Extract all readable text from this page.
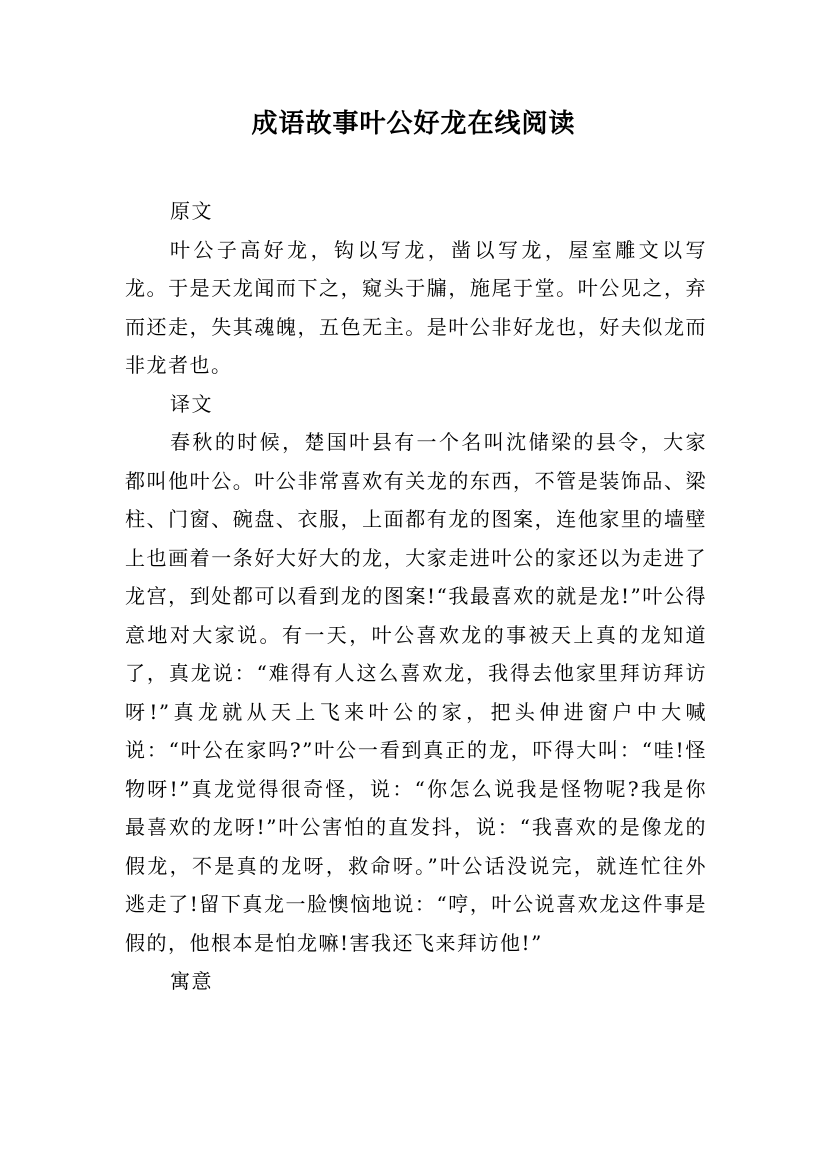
成语故事叶公好龙在线阅读
原文
叶公子高好龙，钩以写龙，凿以写龙，屋室雕文以写龙。于是天龙闻而下之，窥头于牖，施尾于堂。叶公见之，弃而还走，失其魂魄，五色无主。是叶公非好龙也，好夫似龙而非龙者也。
译文
春秋的时候，楚国叶县有一个名叫沈储梁的县令，大家都叫他叶公。叶公非常喜欢有关龙的东西，不管是装饰品、梁柱、门窗、碗盘、衣服，上面都有龙的图案，连他家里的墙壁上也画着一条好大好大的龙，大家走进叶公的家还以为走进了龙宫，到处都可以看到龙的图案!“我最喜欢的就是龙!”叶公得意地对大家说。有一天，叶公喜欢龙的事被天上真的龙知道了，真龙说：“难得有人这么喜欢龙，我得去他家里拜访拜访呀!”真龙就从天上飞来叶公的家，把头伸进窗户中大喊说：“叶公在家吗?”叶公一看到真正的龙，吓得大叫：“哇!怪物呀!”真龙觉得很奇怪，说：“你怎么说我是怪物呢?我是你最喜欢的龙呀!”叶公害怕的直发抖，说：“我喜欢的是像龙的假龙，不是真的龙呀，救命呀。”叶公话没说完，就连忙往外逃走了!留下真龙一脸懊恼地说：“哼，叶公说喜欢龙这件事是假的，他根本是怕龙嘛!害我还飞来拜访他!”
寓意
